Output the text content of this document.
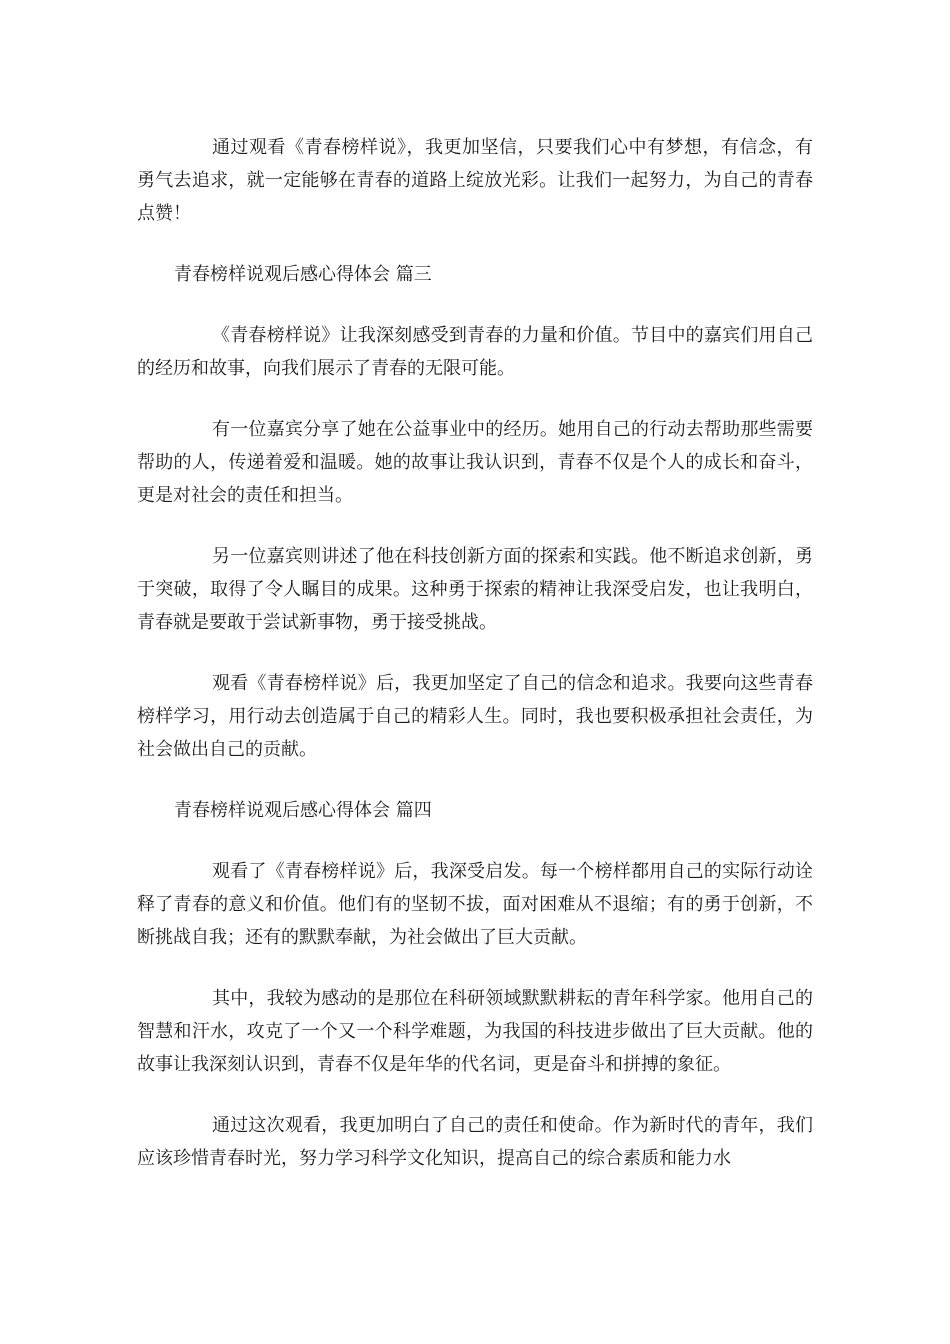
通过观看《青春榜样说》，我更加坚信，只要我们心中有梦想，有信念，有勇气去追求，就一定能够在青春的道路上绽放光彩。让我们一起努力，为自己的青春点赞！

青春榜样说观后感心得体会 篇三

《青春榜样说》让我深刻感受到青春的力量和价值。节目中的嘉宾们用自己的经历和故事，向我们展示了青春的无限可能。

有一位嘉宾分享了她在公益事业中的经历。她用自己的行动去帮助那些需要帮助的人，传递着爱和温暖。她的故事让我认识到，青春不仅是个人的成长和奋斗，更是对社会的责任和担当。

另一位嘉宾则讲述了他在科技创新方面的探索和实践。他不断追求创新，勇于突破，取得了令人瞩目的成果。这种勇于探索的精神让我深受启发，也让我明白，青春就是要敢于尝试新事物，勇于接受挑战。

观看《青春榜样说》后，我更加坚定了自己的信念和追求。我要向这些青春榜样学习，用行动去创造属于自己的精彩人生。同时，我也要积极承担社会责任，为社会做出自己的贡献。

青春榜样说观后感心得体会 篇四

观看了《青春榜样说》后，我深受启发。每一个榜样都用自己的实际行动诠释了青春的意义和价值。他们有的坚韧不拔，面对困难从不退缩；有的勇于创新，不断挑战自我；还有的默默奉献，为社会做出了巨大贡献。

其中，我较为感动的是那位在科研领域默默耕耘的青年科学家。他用自己的智慧和汗水，攻克了一个又一个科学难题，为我国的科技进步做出了巨大贡献。他的故事让我深刻认识到，青春不仅是年华的代名词，更是奋斗和拼搏的象征。

通过这次观看，我更加明白了自己的责任和使命。作为新时代的青年，我们应该珍惜青春时光，努力学习科学文化知识，提高自己的综合素质和能力水
